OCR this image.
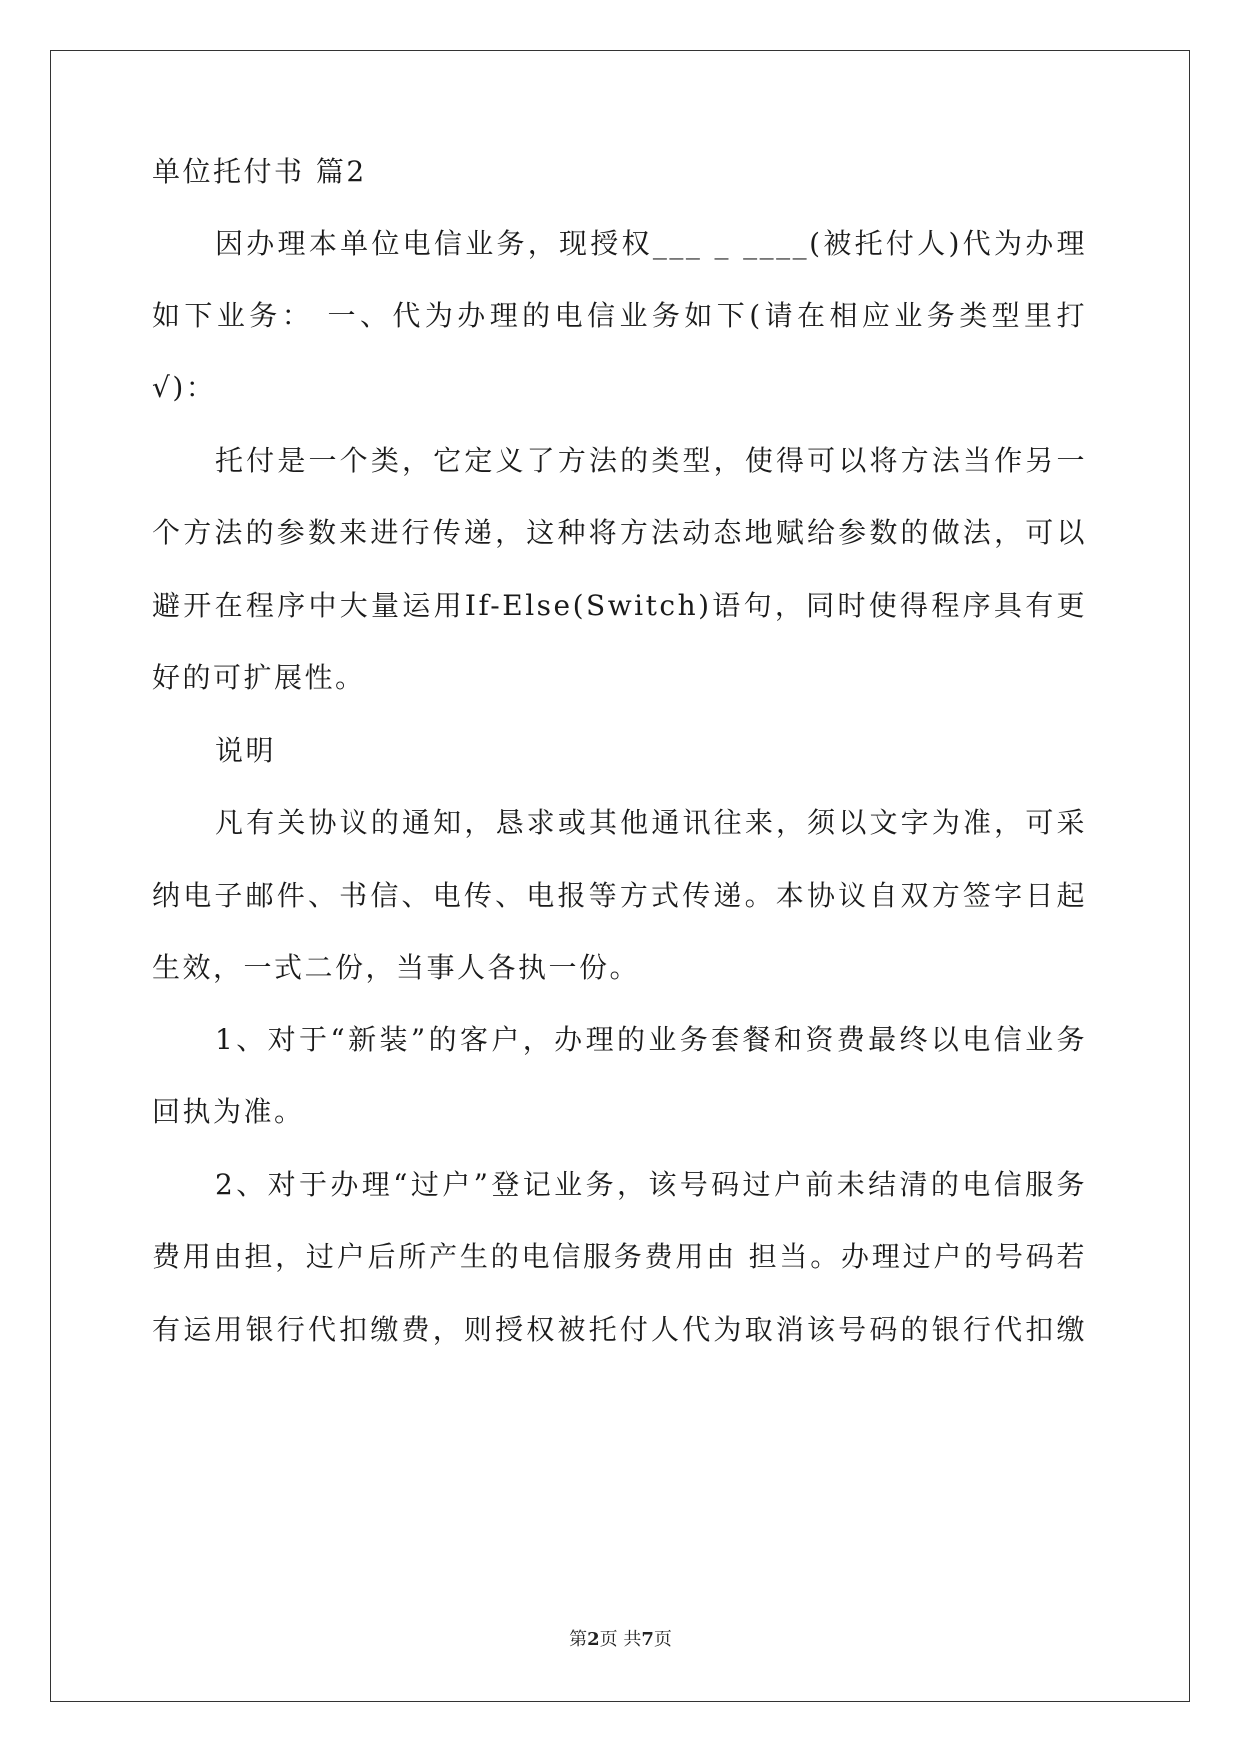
单位托付书 篇2
因办理本单位电信业务，现授权___ _ ____(被托付人)代为办理
如下业务： 一、代为办理的电信业务如下(请在相应业务类型里打
√)：
托付是一个类，它定义了方法的类型，使得可以将方法当作另一
个方法的参数来进行传递，这种将方法动态地赋给参数的做法，可以
避开在程序中大量运用If-Else(Switch)语句，同时使得程序具有更
好的可扩展性。
说明
凡有关协议的通知，恳求或其他通讯往来，须以文字为准，可采
纳电子邮件、书信、电传、电报等方式传递。本协议自双方签字日起
生效，一式二份，当事人各执一份。
1、对于“新装”的客户，办理的业务套餐和资费最终以电信业务
回执为准。
2、对于办理“过户”登记业务，该号码过户前未结清的电信服务
费用由担，过户后所产生的电信服务费用由 担当。办理过户的号码若
有运用银行代扣缴费，则授权被托付人代为取消该号码的银行代扣缴
第2页 共7页
